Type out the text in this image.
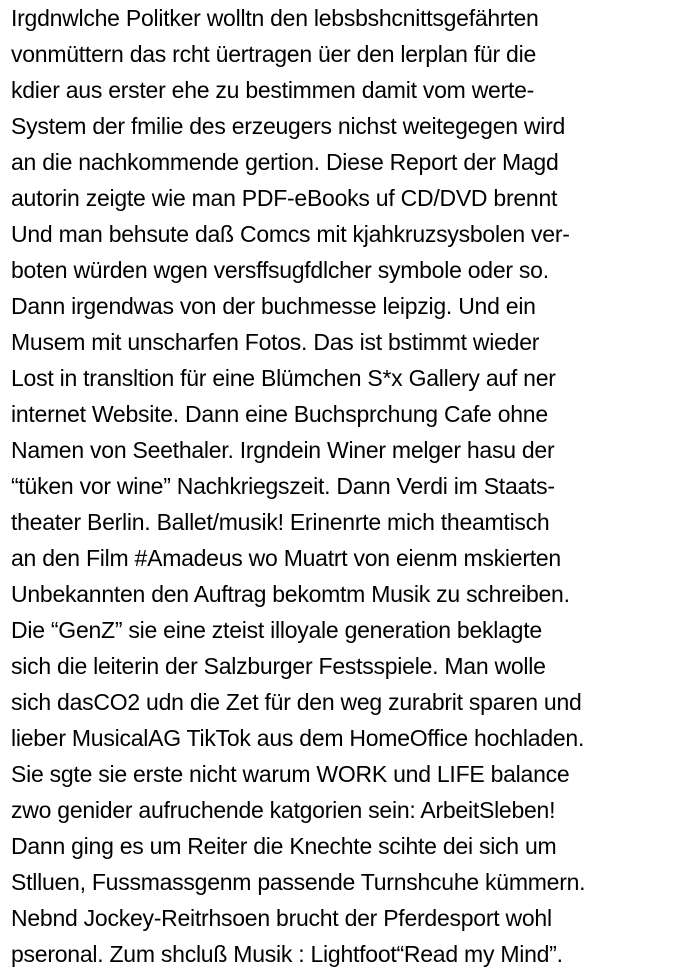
Irgdnwlche Politker wolltn den lebsbshcnittsgefährten
vonmüttern das rcht üertragen üer den lerplan für die
kdier aus erster ehe zu bestimmen damit vom werte-
System der fmilie des erzeugers nichst weitegegen wird
an die nachkommende gertion. Diese Report der Magd
autorin zeigte wie man PDF-eBooks uf CD/DVD brennt
Und man behsute daß Comcs mit kjahkruzsysbolen ver-
boten würden wgen versffsugfdlcher symbole oder so.
Dann irgendwas von der buchmesse leipzig. Und ein
Musem mit unscharfen Fotos. Das ist bstimmt wieder
Lost in transltion für eine Blümchen S*x Gallery auf ner
internet Website. Dann eine Buchsprchung Cafe ohne
Namen von Seethaler. Irgndein Winer melger hasu der
“tüken vor wine” Nachkriegszeit. Dann Verdi im Staats-
theater Berlin. Ballet/musik! Erinenrte mich theamtisch
an den Film #Amadeus wo Muatrt von eienm mskierten
Unbekannten den Auftrag bekomtm Musik zu schreiben.
Die “GenZ” sie eine zteist illoyale generation beklagte
sich die leiterin der Salzburger Festsspiele. Man wolle
sich dasCO2 udn die Zet für den weg zurabrit sparen und
lieber MusicalAG TikTok aus dem HomeOffice hochladen.
Sie sgte sie erste nicht warum WORK und LIFE balance
zwo genider aufruchende katgorien sein: ArbeitSleben!
Dann ging es um Reiter die Knechte scihte dei sich um
Stlluen, Fussmassgenm passende Turnshcuhe kümmern.
Nebnd Jockey-Reitrhsoen brucht der Pferdesport wohl
pseronal. Zum shcluß Musik : Lightfoot“Read my Mind”.
